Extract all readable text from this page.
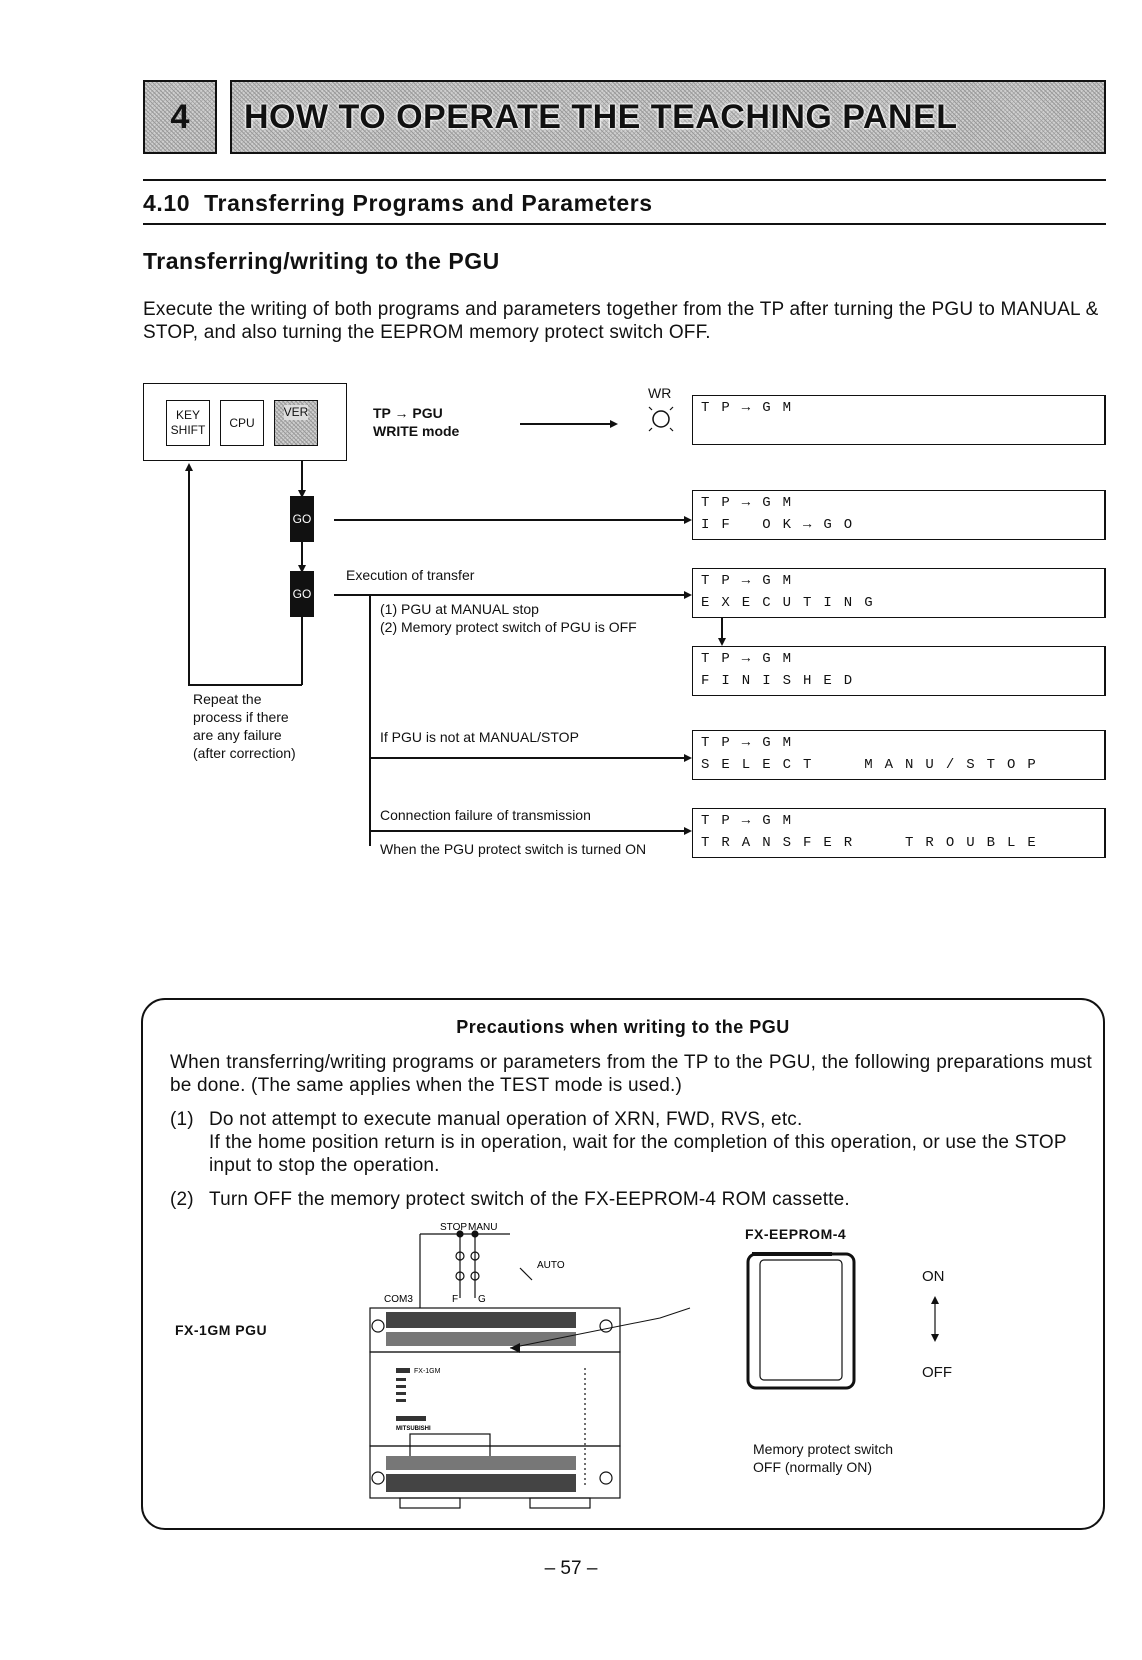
4 HOW TO OPERATE THE TEACHING PANEL
4.10  Transferring Programs and Parameters
Transferring/writing to the PGU
Execute the writing of both programs and parameters together from the TP after turning the PGU to MANUAL & STOP, and also turning the EEPROM memory protect switch OFF.
KEY
SHIFT
CPU
VER	TP → PGU
WRITE mode
WR
TP→GM
TP→GM
IF OK→GO
TP→GM
EXECUTING
TP→GM
FINISHED
TP→GM
SELECT  MANU/STOP
TP→GM
TRANSFER  TROUBLE
GO
GO
Execution of transfer
(1) PGU at MANUAL stop
(2) Memory protect switch of PGU is OFF
If PGU is not at MANUAL/STOP
Connection failure of transmission
When the PGU protect switch is turned ON
Repeat the
process if there
are any failure
(after correction)
Precautions when writing to the PGU
When transferring/writing programs or parameters from the TP to the PGU, the following preparations must be done. (The same applies when the TEST mode is used.)
(1) Do not attempt to execute manual operation of XRN, FWD, RVS, etc.
If the home position return is in operation, wait for the completion of this operation, or use the STOP input to stop the operation.
(2) Turn OFF the memory protect switch of the FX-EEPROM-4 ROM cassette.
FX-1GM PGU
STOP MANU
AUTO
COM3	F G
FX-1GM
MITSUBISHI
FX-EEPROM-4
ON
OFF
Memory protect switch
OFF (normally ON)
– 57 –
